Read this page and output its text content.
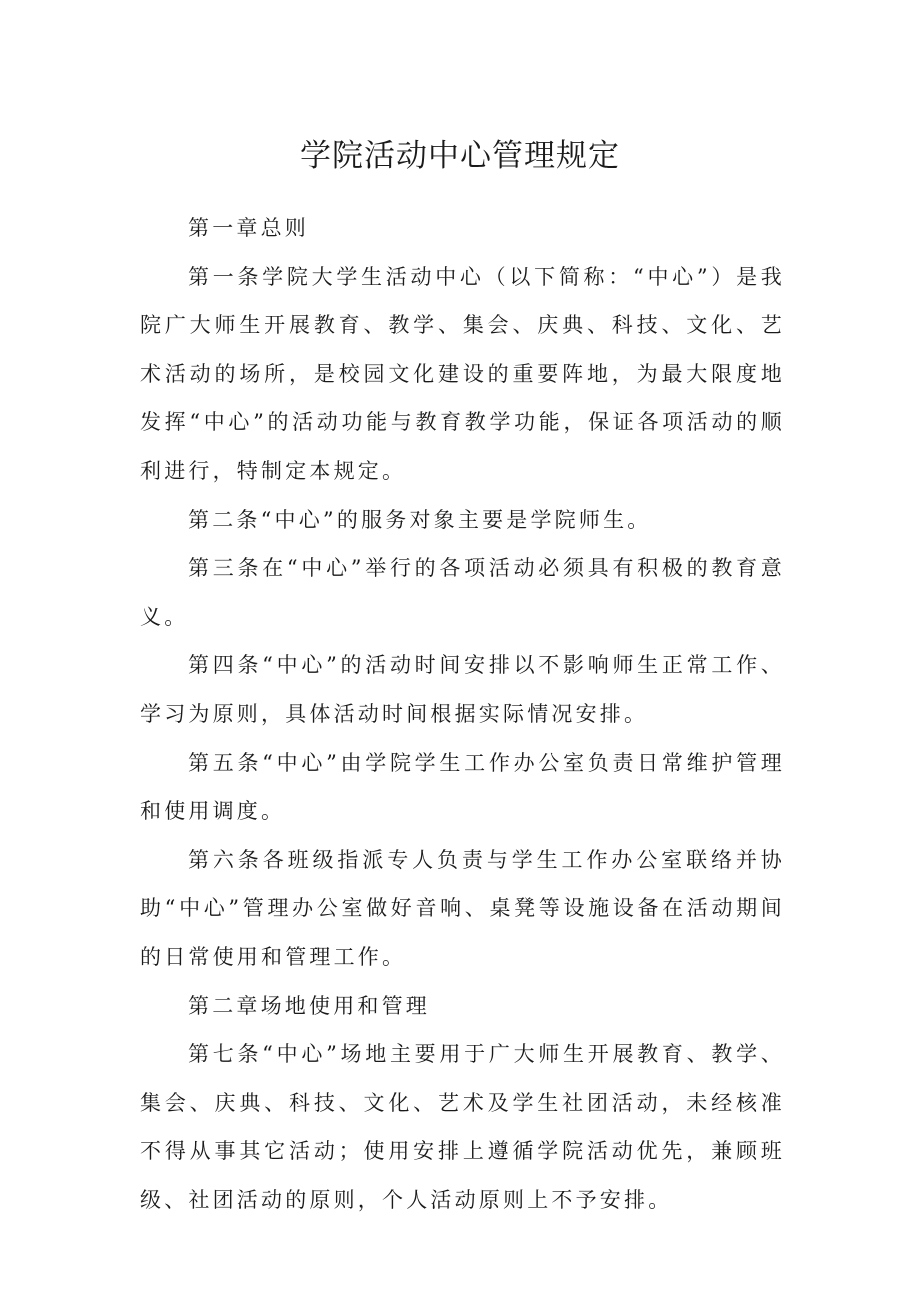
学院活动中心管理规定

第一章总则

第一条学院大学生活动中心（以下简称：“中心”）是我院广大师生开展教育、教学、集会、庆典、科技、文化、艺术活动的场所，是校园文化建设的重要阵地，为最大限度地发挥“中心”的活动功能与教育教学功能，保证各项活动的顺利进行，特制定本规定。

第二条“中心”的服务对象主要是学院师生。

第三条在“中心”举行的各项活动必须具有积极的教育意义。

第四条“中心”的活动时间安排以不影响师生正常工作、学习为原则，具体活动时间根据实际情况安排。

第五条“中心”由学院学生工作办公室负责日常维护管理和使用调度。

第六条各班级指派专人负责与学生工作办公室联络并协助“中心”管理办公室做好音响、桌凳等设施设备在活动期间的日常使用和管理工作。

第二章场地使用和管理

第七条“中心”场地主要用于广大师生开展教育、教学、集会、庆典、科技、文化、艺术及学生社团活动，未经核准不得从事其它活动；使用安排上遵循学院活动优先，兼顾班级、社团活动的原则，个人活动原则上不予安排。
